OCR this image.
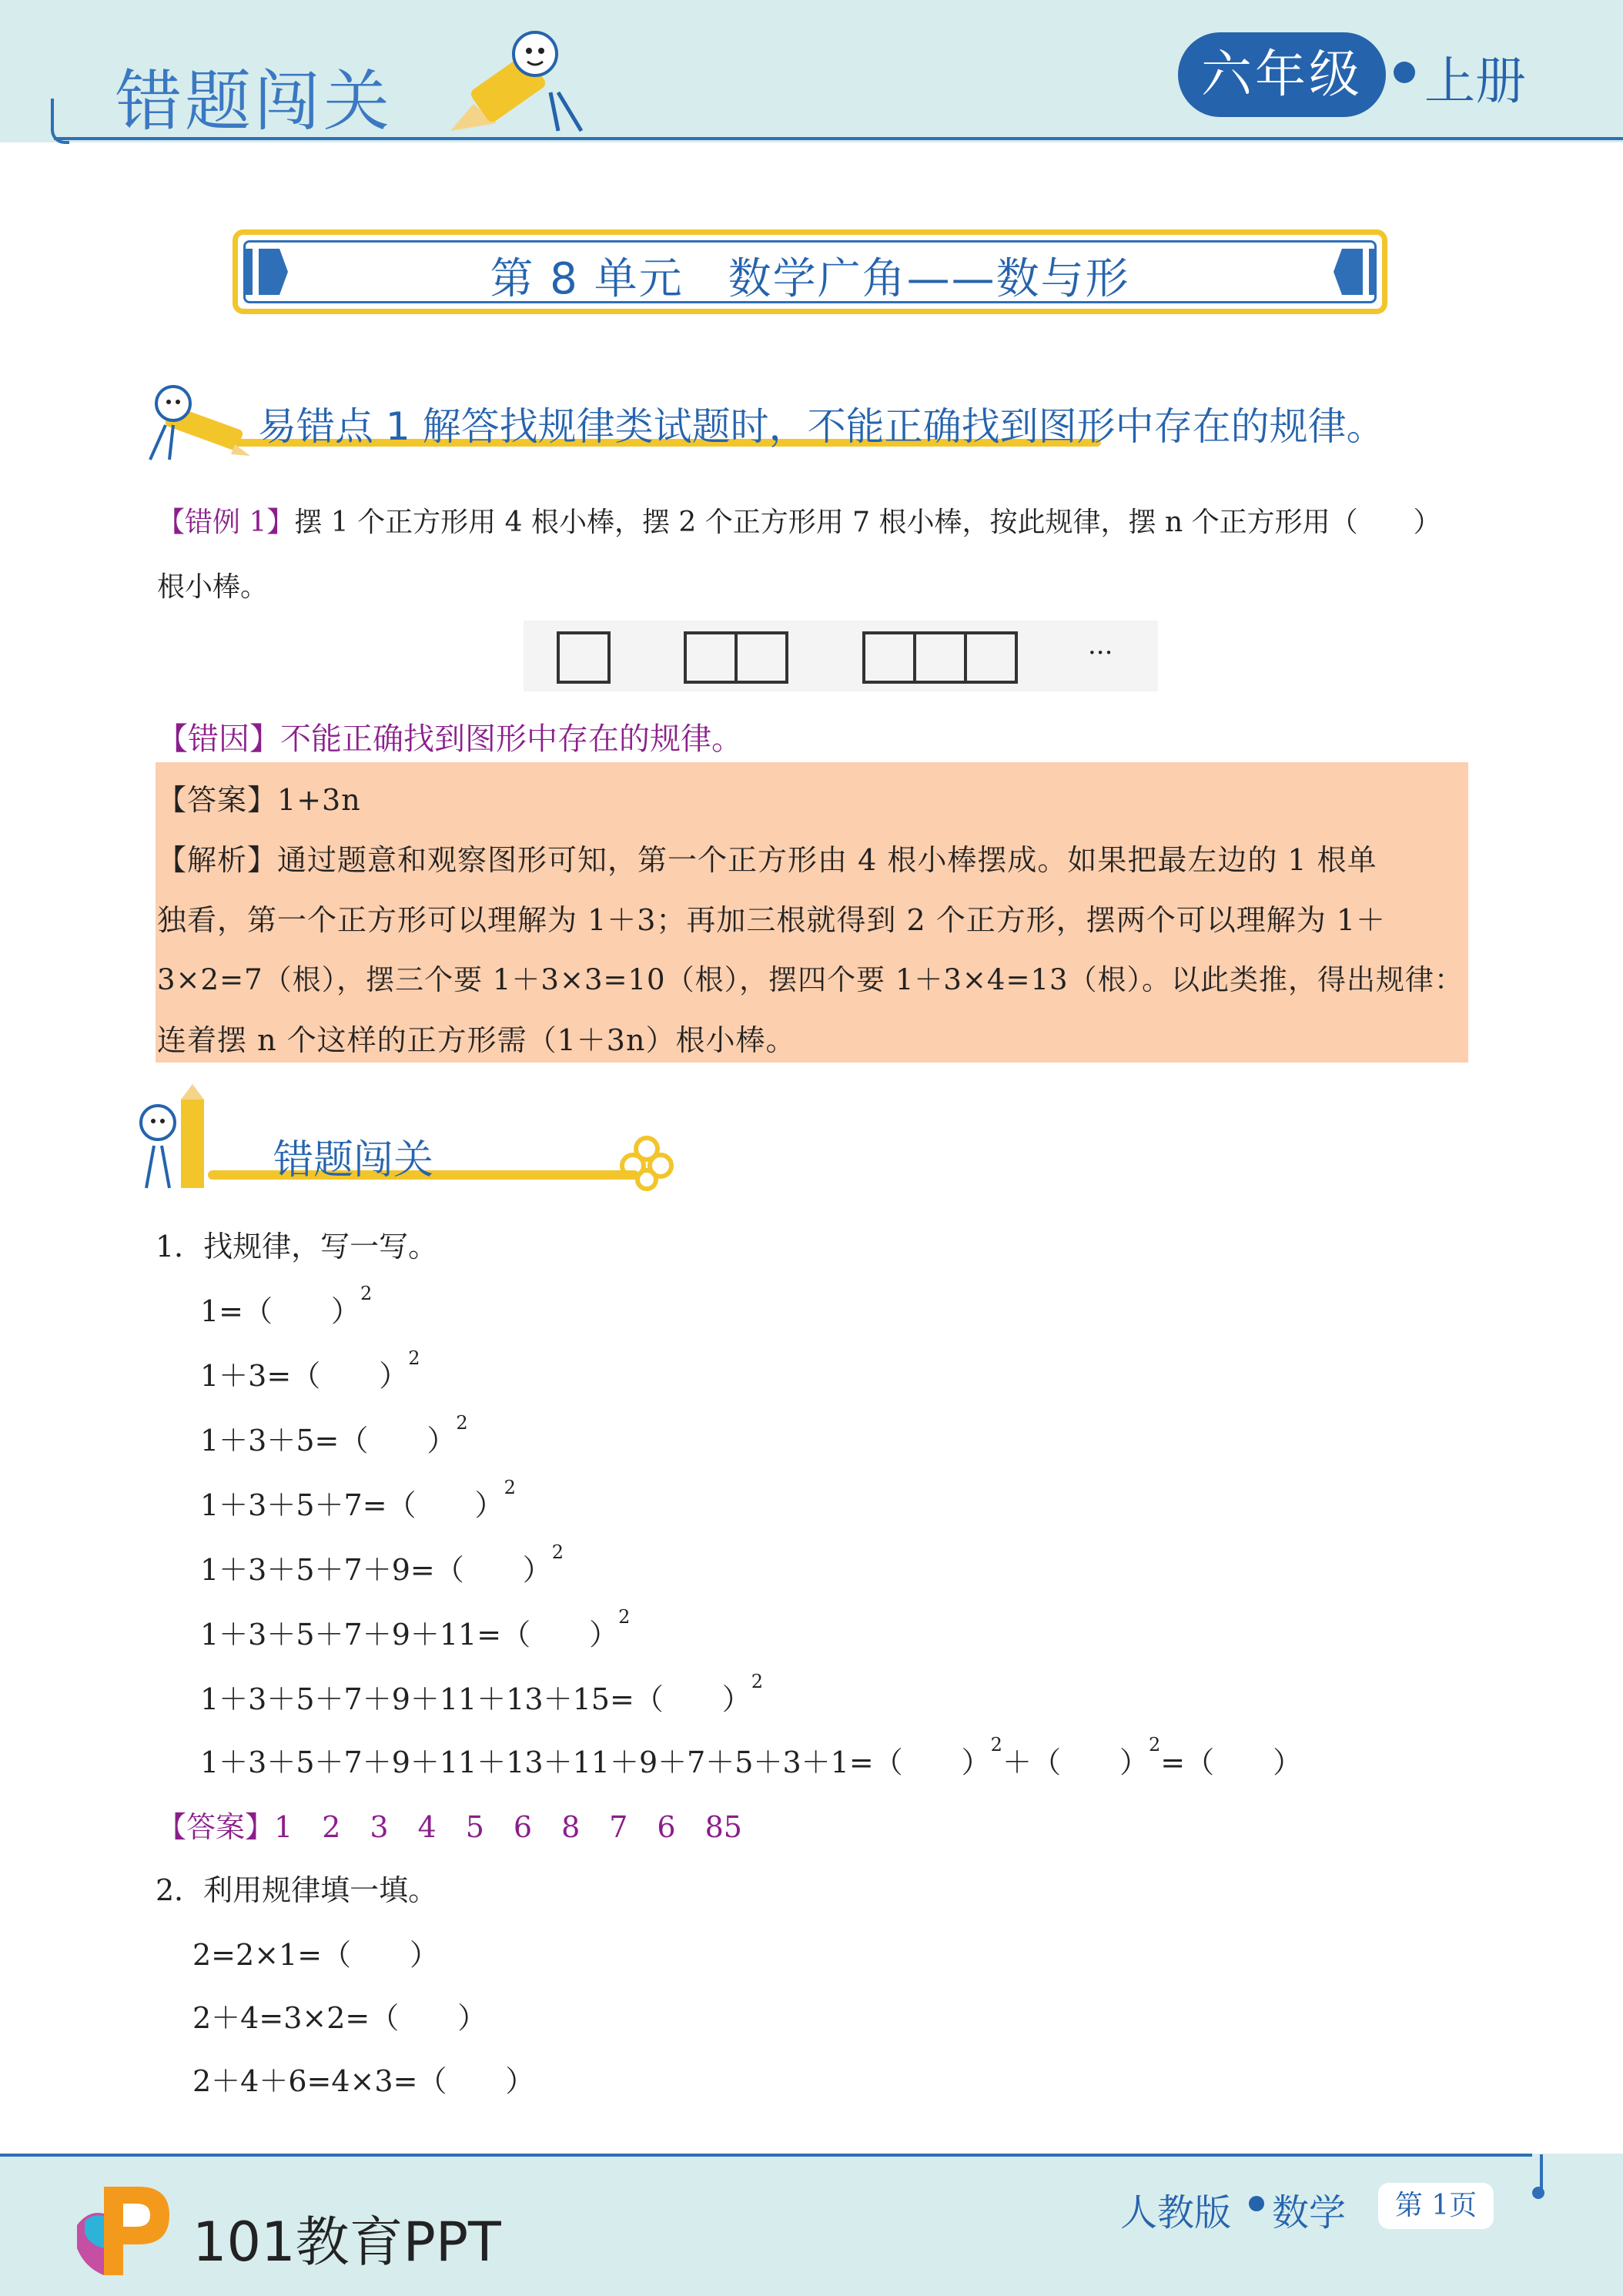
错题闯关	六年级	上册
第 8 单元　数学广角——数与形
易错点 1 解答找规律类试题时，不能正确找到图形中存在的规律。
【错例 1】摆 1 个正方形用 4 根小棒，摆 2 个正方形用 7 根小棒，按此规律，摆 n 个正方形用（　　）
根小棒。
···
【错因】不能正确找到图形中存在的规律。
【答案】1+3n
【解析】通过题意和观察图形可知，第一个正方形由 4 根小棒摆成。如果把最左边的 1 根单
独看，第一个正方形可以理解为 1＋3；再加三根就得到 2 个正方形，摆两个可以理解为 1＋
3×2=7（根），摆三个要 1＋3×3=10（根），摆四个要 1＋3×4=13（根）。以此类推，得出规律：
连着摆 n 个这样的正方形需（1＋3n）根小棒。
错题闯关
1．找规律，写一写。
1=（　　）$^2$
1＋3=（　　）$^2$
1＋3＋5=（　　）$^2$
1＋3＋5＋7=（　　）$^2$
1＋3＋5＋7＋9=（　　）$^2$
1＋3＋5＋7＋9＋11=（　　）$^2$
1＋3＋5＋7＋9＋11＋13＋15=（　　）$^2$
1＋3＋5＋7＋9＋11＋13＋11＋9＋7＋5＋3＋1=（　　）$^2$＋（　　）$^2$=（　　）
【答案】1　2　3　4　5　6　8　7　6　85
2．利用规律填一填。
2=2×1=（　　）
2＋4=3×2=（　　）
2＋4＋6=4×3=（　　）
101教育PPT	人教版 数学	第 1页
